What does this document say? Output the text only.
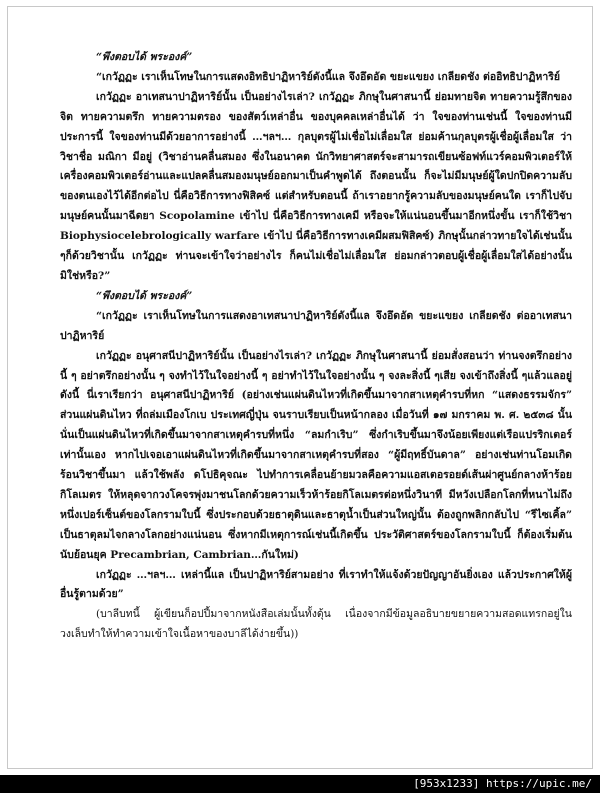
“พึงตอบได้ พระองค์”

“เกวัฏฏะ เราเห็นโทษในการแสดงอิทธิปาฏิหาริย์ดังนี้แล จึงอึดอัด ขยะแขยง เกลียดชัง ต่ออิทธิปาฏิหาริย์

เกวัฏฏะ อาเทสนาปาฏิหาริย์นั้น เป็นอย่างไรเล่า? เกวัฏฏะ ภิกษุในศาสนานี้ ย่อมทายจิต ทายความรู้สึกของจิต ทายความตรึก ทายความตรอง ของสัตว์เหล่าอื่น ของบุคคลเหล่าอื่นได้ ว่า ใจของท่านเช่นนี้ ใจของท่านมีประการนี้ ใจของท่านมีด้วยอาการอย่างนี้ …ฯลฯ… กุลบุตรผู้ไม่เชื่อไม่เลื่อมใส ย่อมค้านกุลบุตรผู้เชื่อผู้เลื่อมใส ว่า วิชาชื่อ มณิกา มีอยู่ (วิชาอ่านคลื่นสมอง ซึ่งในอนาคต นักวิทยาศาสตร์จะสามารถเขียนซ้อฟท์แวร์คอมพิวเตอร์ให้เครื่องคอมพิวเตอร์อ่านและแปลคลื่นสมองมนุษย์ออกมาเป็นคำพูดได้ ถึงตอนนั้น ก็จะไม่มีมนุษย์ผู้ใดปกปิดความลับของตนเองไว้ได้อีกต่อไป นี่คือวิธีการทางฟิสิคซ์ แต่สำหรับตอนนี้ ถ้าเราอยากรู้ความลับของมนุษย์คนใด เราก็ไปจับมนุษย์คนนั้นมาฉีดยา Scopolamine เข้าไป นี่คือวิธีการทางเคมี หรือจะให้แน่นอนขึ้นมาอีกหนึ่งขั้น เราก็ใช้วิชา Biophysiocelebrologically warfare เข้าไป นี่คือวิธีการทางเคมีผสมฟิสิคซ์) ภิกษุนั้นกล่าวทายใจได้เช่นนั้น ๆก็ด้วยวิชานั้น เกวัฏฏะ ท่านจะเข้าใจว่าอย่างไร ก็คนไม่เชื่อไม่เลื่อมใส ย่อมกล่าวตอบผู้เชื่อผู้เลื่อมใสได้อย่างนั้นมิใช่หรือ?”

“พึงตอบได้ พระองค์”

“เกวัฏฏะ เราเห็นโทษในการแสดงอาเทสนาปาฏิหาริย์ดังนี้แล จึงอึดอัด ขยะแขยง เกลียดชัง ต่ออาเทสนาปาฏิหาริย์

เกวัฏฏะ อนุศาสนีปาฏิหาริย์นั้น เป็นอย่างไรเล่า? เกวัฏฏะ ภิกษุในศาสนานี้ ย่อมสั่งสอนว่า ท่านจงตรึกอย่างนี้ ๆ อย่าตรึกอย่างนั้น ๆ จงทำไว้ในใจอย่างนี้ ๆ อย่าทำไว้ในใจอย่างนั้น ๆ จงละสิ่งนี้ ๆเสีย จงเข้าถึงสิ่งนี้ ๆแล้วแลอยู่ ดังนี้ นี่เราเรียกว่า อนุศาสนีปาฏิหาริย์ (อย่างเช่นแผ่นดินไหวที่เกิดขึ้นมาจากสาเหตุคำรบที่หก “แสดงธรรมจักร” ส่วนแผ่นดินไหว ที่ถล่มเมืองโกเบ ประเทศญี่ปุ่น จนราบเรียบเป็นหน้ากลอง เมื่อวันที่ ๑๗ มกราคม พ. ศ. ๒๕๓๘ นั้น นั่นเป็นแผ่นดินไหวที่เกิดขึ้นมาจากสาเหตุคำรบที่หนึ่ง “ลมกำเริบ” ซึ่งกำเริบขึ้นมาจึงน้อยเพียงแต่เรือแปรริกเตอร์เท่านั้นเอง หากไปเจอเอาแผ่นดินไหวที่เกิดขึ้นมาจากสาเหตุคำรบที่สอง “ผู้มีฤทธิ์บันดาล” อย่างเช่นท่านโอมเกิดร้อนวิชาขึ้นมา แล้วใช้พลัง ดโปธิคุจณะ ไปทำการเคลื่อนย้ายมวลคือความแอสเตอรอยด์เส้นผ่าศูนย์กลางห้าร้อยกิโลเมตร ให้หลุดจากวงโคจรพุ่งมาชนโลกด้วยความเร็วห้าร้อยกิโลเมตรต่อหนึ่งวินาที มีหวังเปลือกโลกที่หนาไม่ถึงหนึ่งเปอร์เซ็นต์ของโลกรามใบนี้ ซึ่งประกอบด้วยธาตุดินและธาตุน้ำเป็นส่วนใหญ่นั้น ต้องถูกพลิกกลับไป “รีไซเคิ้ล” เป็นธาตุลมไจกลางโลกอย่างแน่นอน ซึ่งหากมีเหตุการณ์เช่นนี้เกิดขึ้น ประวัติศาสตร์ของโลกรามใบนี้ ก็ต้องเริ่มต้นนับย้อนยุค Precambrian, Cambrian…กันใหม่)

เกวัฏฏะ …ฯลฯ… เหล่านี้แล เป็นปาฏิหาริย์สามอย่าง ที่เราทำให้แจ้งด้วยปัญญาอันยิ่งเอง แล้วประกาศให้ผู้อื่นรู้ตามด้วย”

(บาลีบทนี้ ผู้เขียนก็อปปี้มาจากหนังสือเล่มนั้นทั้งดุ้น เนื่องจากมีข้อมูลอธิบายขยายความสอดแทรกอยู่ในวงเล็บทำให้ทำความเข้าใจเนื้อหาของบาลีได้ง่ายขึ้น))

[953x1233] https://upic.me/
